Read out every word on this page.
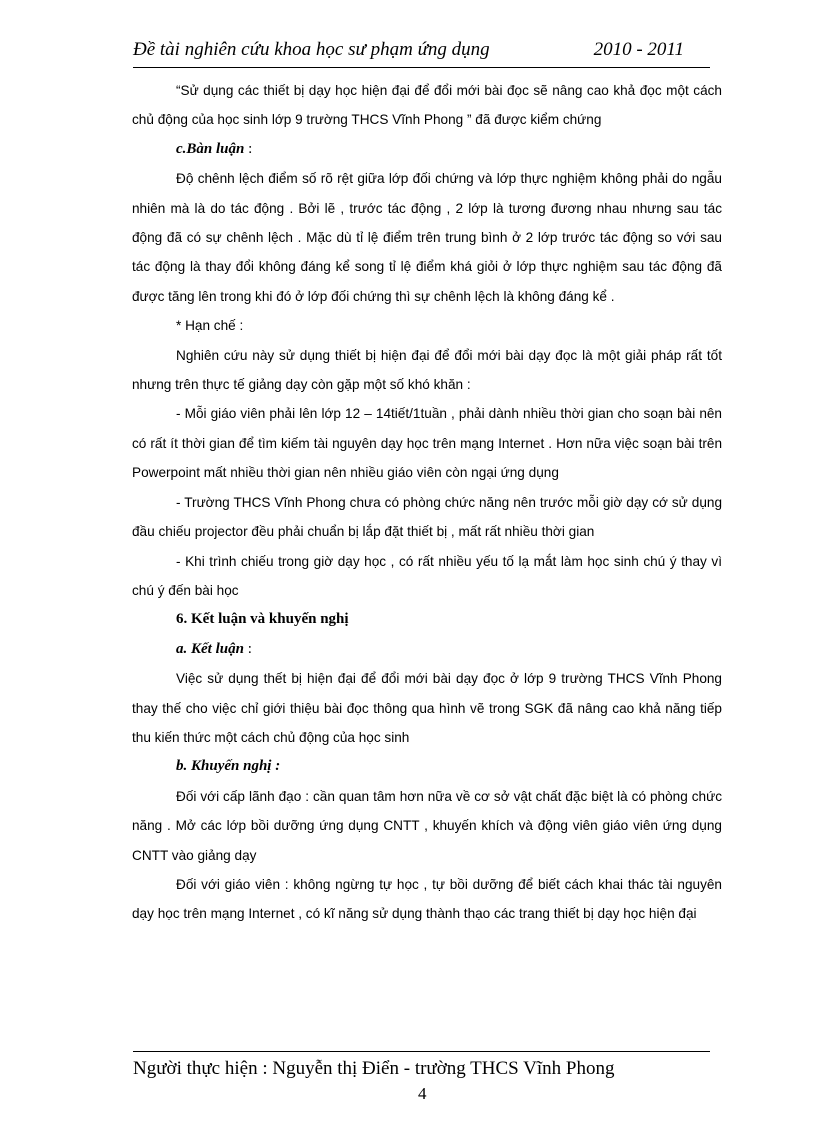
Đề tài nghiên cứu khoa học sư phạm ứng dụng	2010 - 2011

“Sử dụng các thiết bị dạy học hiện đại để đổi mới bài đọc sẽ nâng cao khả đọc một cách chủ động của học sinh lớp 9 trường THCS Vĩnh Phong ” đã được kiểm chứng

c.Bàn luận :

Độ chênh lệch điểm số rõ rệt giữa lớp đối chứng và lớp thực nghiệm không phải do ngẫu nhiên mà là do tác động . Bởi lẽ , trước tác động , 2 lớp là tương đương nhau nhưng sau tác động đã có sự chênh lệch . Mặc dù tỉ lệ điểm trên trung bình ở 2 lớp trước tác động so với sau tác động là thay đổi không đáng kể song tỉ lệ điểm khá giỏi ở lớp thực nghiệm sau tác động đã được tăng lên trong khi đó ở lớp đối chứng thì sự chênh lệch là không đáng kể .

* Hạn chế :

Nghiên cứu này sử dụng thiết bị hiện đại để đổi mới bài dạy đọc là một giải pháp rất tốt nhưng trên thực tế giảng dạy còn gặp một số khó khăn :

- Mỗi giáo viên phải lên lớp 12 – 14tiết/1tuần , phải dành nhiều thời gian cho soạn bài nên có rất ít thời gian để tìm kiếm tài nguyên dạy học trên mạng Internet . Hơn nữa việc soạn bài trên Powerpoint mất nhiều thời gian nên nhiều giáo viên còn ngại ứng dụng

- Trường THCS Vĩnh Phong chưa có phòng chức năng nên trước mỗi giờ dạy cớ sử dụng đầu chiếu projector đều phải chuẩn bị lắp đặt thiết bị , mất rất nhiều thời gian

- Khi trình chiếu trong giờ dạy học , có rất nhiều yếu tố lạ mắt làm học sinh chú ý thay vì chú ý đến bài học

6. Kết luận và khuyến nghị

a. Kết luận :

Việc sử dụng thết bị hiện đại để đổi mới bài dạy đọc ở lớp 9 trường THCS Vĩnh Phong thay thế cho việc chỉ giới thiệu bài đọc thông qua hình vẽ trong SGK đã nâng cao khả năng tiếp thu kiến thức một cách chủ động của học sinh

b. Khuyến nghị :

Đối với cấp lãnh đạo : cần quan tâm hơn nữa về cơ sở vật chất đặc biệt là có phòng chức năng . Mở các lớp bồi dưỡng ứng dụng CNTT , khuyến khích và động viên giáo viên ứng dụng CNTT vào giảng dạy

Đối với giáo viên : không ngừng tự học , tự bồi dưỡng để biết cách khai thác tài nguyên dạy học trên mạng Internet , có kĩ năng sử dụng thành thạo các trang thiết bị dạy học hiện đại

Người thực hiện : Nguyễn thị Điển - trường THCS Vĩnh Phong
4
